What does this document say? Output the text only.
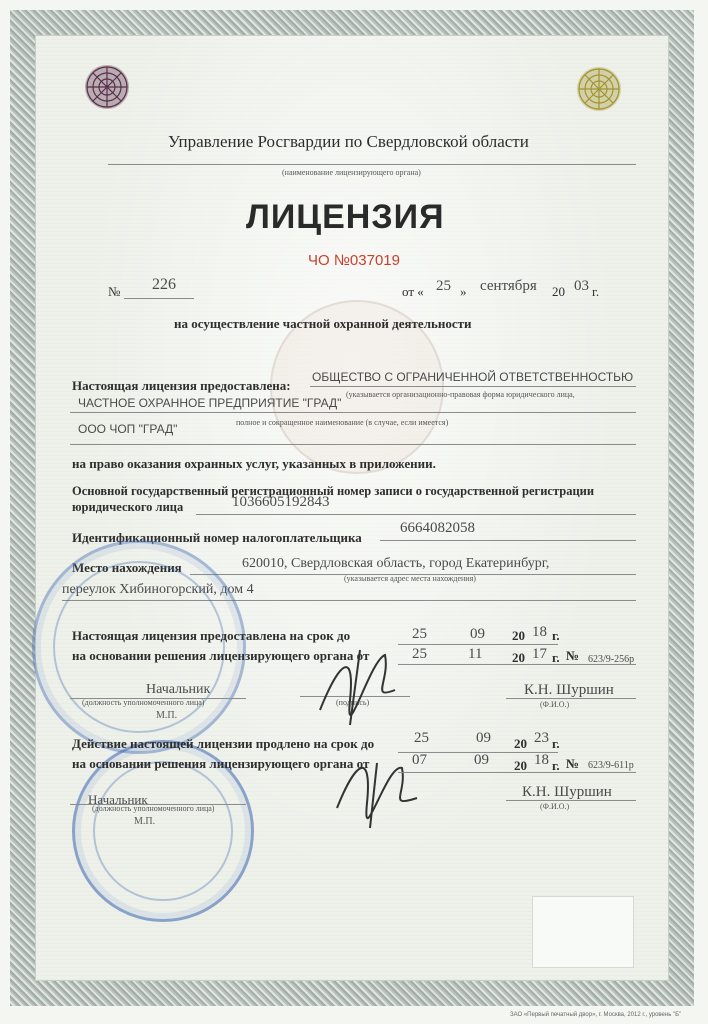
Управление Росгвардии по Свердловской области
(наименование лицензирующего органа)
ЛИЦЕНЗИЯ
ЧО №037019
№ 226	от « 25 » сентября 20 03 г.
на осуществление частной охранной деятельности
Настоящая лицензия предоставлена:
ОБЩЕСТВО С ОГРАНИЧЕННОЙ ОТВЕТСТВЕННОСТЬЮ
ЧАСТНОЕ ОХРАННОЕ ПРЕДПРИЯТИЕ "ГРАД"
(указывается организационно-правовая форма юридического лица,
ООО ЧОП "ГРАД"	полное и сокращенное наименование (в случае, если имеется)
на право оказания охранных услуг, указанных в приложении.
Основной государственный регистрационный номер записи о государственной регистрации
юридического лица	1036605192843
Идентификационный номер налогоплательщика
6664082058
Место нахождения	620010, Свердловская область, город Екатеринбург,
(указывается адрес места нахождения)
переулок Хибиногорский, дом 4
Настоящая лицензия предоставлена на срок до
на основании решения лицензирующего органа от
25	09 20 18 г.
25	11 20 17 г. № 623/9-256р
Начальник
(должность уполномоченного лица)	(подпись)
К.Н. Шуршин
(Ф.И.О.)
М.П.
Действие настоящей лицензии продлено на срок до
на основании решения лицензирующего органа от
25	09 20 23 г.
07	09 20 18 г. № 623/9-611р
Начальник
(должность уполномоченного лица)
М.П.
К.Н. Шуршин
(Ф.И.О.)
ЗАО «Первый печатный двор», г. Москва, 2012 г., уровень "Б"
